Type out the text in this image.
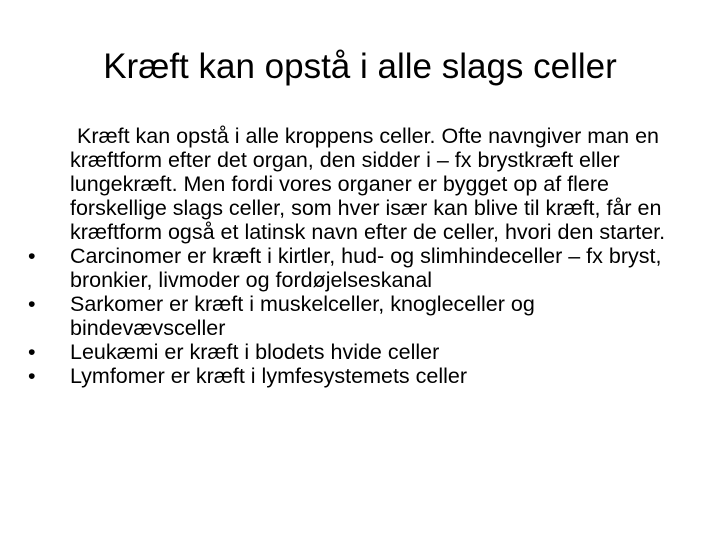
Kræft kan opstå i alle slags celler

Kræft kan opstå i alle kroppens celler. Ofte navngiver man en kræftform efter det organ, den sidder i – fx brystkræft eller lungekræft. Men fordi vores organer er bygget op af flere forskellige slags celler, som hver især kan blive til kræft, får en kræftform også et latinsk navn efter de celler, hvori den starter.

•	Carcinomer er kræft i kirtler, hud- og slimhindeceller – fx bryst, bronkier, livmoder og fordøjelseskanal
•	Sarkomer er kræft i muskelceller, knogleceller og bindevævsceller
•	Leukæmi er kræft i blodets hvide celler
•	Lymfomer er kræft i lymfesystemets celler
